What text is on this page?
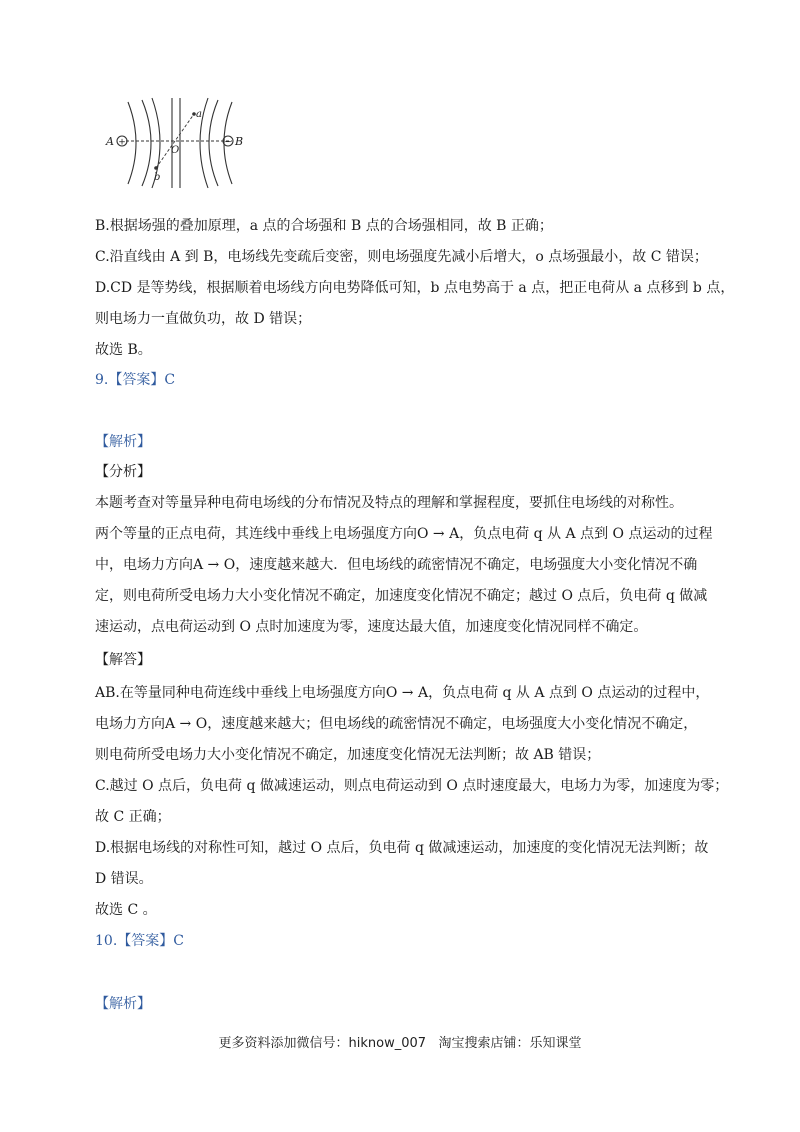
A	B
O
a
b
+	−
B.根据场强的叠加原理，a 点的合场强和 B 点的合场强相同，故 B 正确；
C.沿直线由 A 到 B，电场线先变疏后变密，则电场强度先减小后增大，o 点场强最小，故 C 错误；
D.CD 是等势线，根据顺着电场线方向电势降低可知，b 点电势高于 a 点，把正电荷从 a 点移到 b 点，
则电场力一直做负功，故 D 错误；
故选 B。
9.【答案】C
【解析】
【分析】
本题考查对等量异种电荷电场线的分布情况及特点的理解和掌握程度，要抓住电场线的对称性。
两个等量的正点电荷，其连线中垂线上电场强度方向O → A，负点电荷 q 从 A 点到 O 点运动的过程
中，电场力方向A → O，速度越来越大．但电场线的疏密情况不确定，电场强度大小变化情况不确
定，则电荷所受电场力大小变化情况不确定，加速度变化情况不确定；越过 O 点后，负电荷 q 做减
速运动，点电荷运动到 O 点时加速度为零，速度达最大值，加速度变化情况同样不确定。
【解答】
AB.在等量同种电荷连线中垂线上电场强度方向O → A，负点电荷 q 从 A 点到 O 点运动的过程中，
电场力方向A → O，速度越来越大；但电场线的疏密情况不确定，电场强度大小变化情况不确定，
则电荷所受电场力大小变化情况不确定，加速度变化情况无法判断；故 AB 错误；
C.越过 O 点后，负电荷 q 做减速运动，则点电荷运动到 O 点时速度最大，电场力为零，加速度为零；
故 C 正确；
D.根据电场线的对称性可知，越过 O 点后，负电荷 q 做减速运动，加速度的变化情况无法判断；故
D 错误。
故选 C 。
10.【答案】C
【解析】
更多资料添加微信号：hiknow_007   淘宝搜索店铺：乐知课堂
